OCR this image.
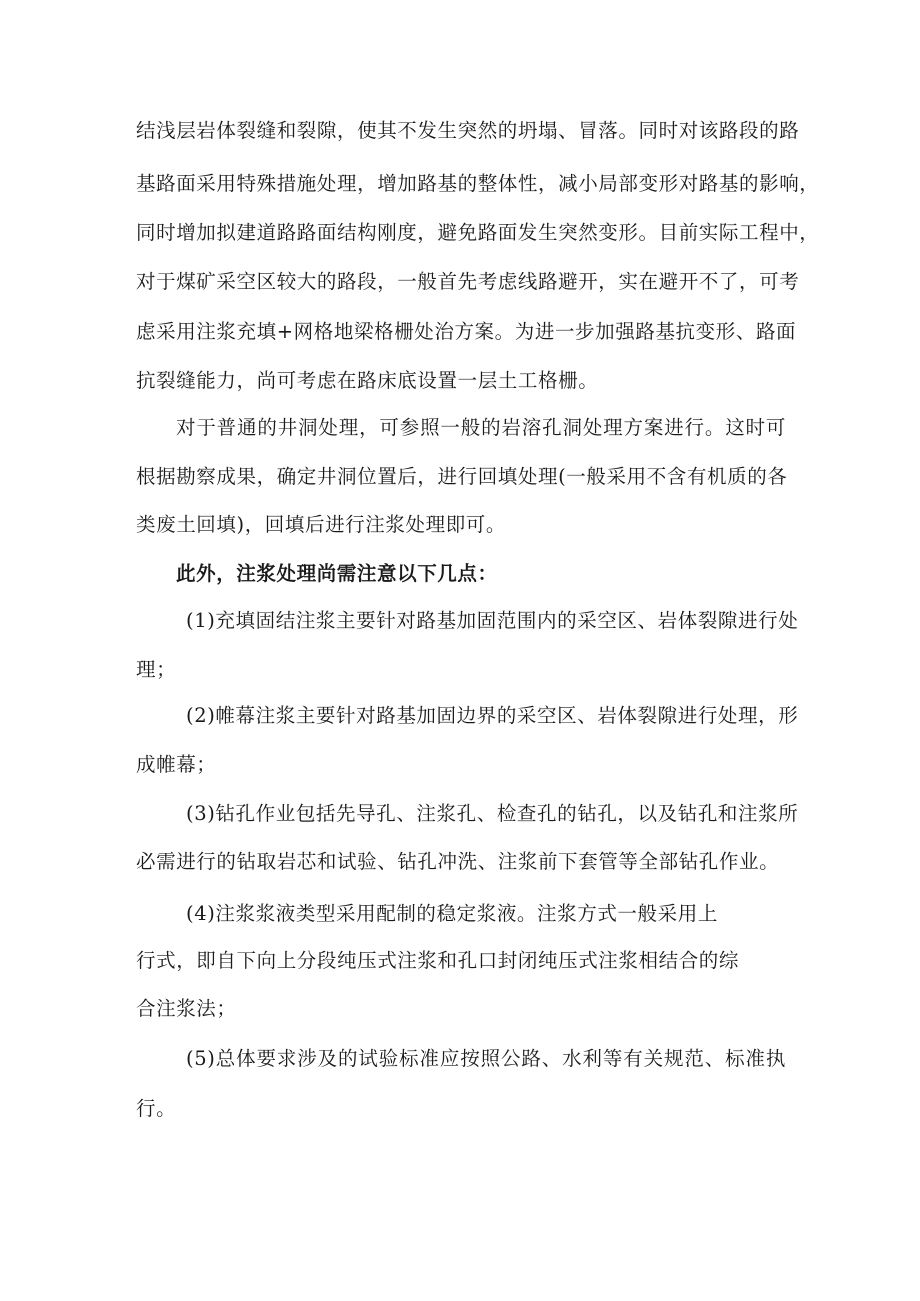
结浅层岩体裂缝和裂隙，使其不发生突然的坍塌、冒落。同时对该路段的路
基路面采用特殊措施处理，增加路基的整体性，减小局部变形对路基的影响，
同时增加拟建道路路面结构刚度，避免路面发生突然变形。目前实际工程中，
对于煤矿采空区较大的路段，一般首先考虑线路避开，实在避开不了，可考
虑采用注浆充填+网格地梁格栅处治方案。为进一步加强路基抗变形、路面
抗裂缝能力，尚可考虑在路床底设置一层土工格栅。
对于普通的井洞处理，可参照一般的岩溶孔洞处理方案进行。这时可
根据勘察成果，确定井洞位置后，进行回填处理(一般采用不含有机质的各
类废土回填)，回填后进行注浆处理即可。
此外，注浆处理尚需注意以下几点：
(1)充填固结注浆主要针对路基加固范围内的采空区、岩体裂隙进行处
理；
(2)帷幕注浆主要针对路基加固边界的采空区、岩体裂隙进行处理，形
成帷幕；
(3)钻孔作业包括先导孔、注浆孔、检查孔的钻孔，以及钻孔和注浆所
必需进行的钻取岩芯和试验、钻孔冲洗、注浆前下套管等全部钻孔作业。
(4)注浆浆液类型采用配制的稳定浆液。注浆方式一般采用上
行式，即自下向上分段纯压式注浆和孔口封闭纯压式注浆相结合的综
合注浆法；
(5)总体要求涉及的试验标准应按照公路、水利等有关规范、标准执
行。
